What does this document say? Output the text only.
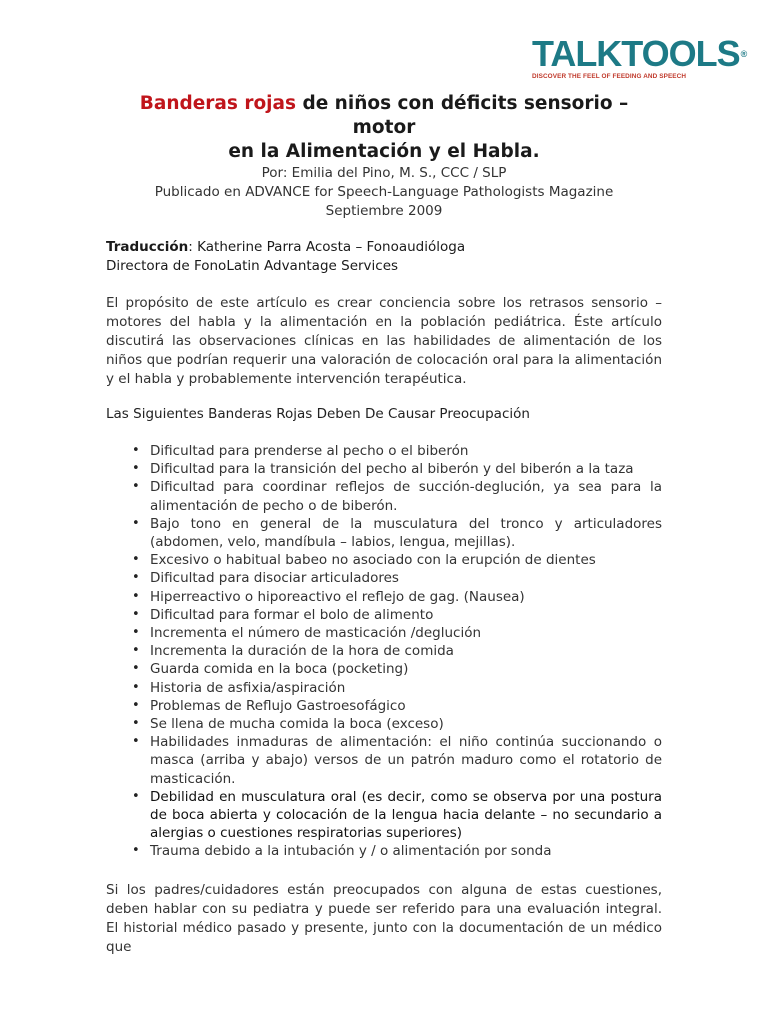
TALKTOOLS®
DISCOVER THE FEEL OF FEEDING AND SPEECH
Banderas rojas de niños con déficits sensorio – motor
en la Alimentación y el Habla.
Por: Emilia del Pino, M. S., CCC / SLP
Publicado en ADVANCE for Speech-Language Pathologists Magazine
Septiembre 2009
Traducción: Katherine Parra Acosta – Fonoaudióloga
Directora de FonoLatin Advantage Services

El propósito de este artículo es crear conciencia sobre los retrasos sensorio – motores del habla y la alimentación en la población pediátrica. Éste artículo discutirá las observaciones clínicas en las habilidades de alimentación de los niños que podrían requerir una valoración de colocación oral para la alimentación y el habla y probablemente intervención terapéutica.

Las Siguientes Banderas Rojas Deben De Causar Preocupación
• Dificultad para prenderse al pecho o el biberón
• Dificultad para la transición del pecho al biberón y del biberón a la taza
• Dificultad para coordinar reflejos de succión-deglución, ya sea para la alimentación de pecho o de biberón.
• Bajo tono en general de la musculatura del tronco y articuladores (abdomen, velo, mandíbula – labios, lengua, mejillas).
• Excesivo o habitual babeo no asociado con la erupción de dientes
• Dificultad para disociar articuladores
• Hiperreactivo o hiporeactivo el reflejo de gag. (Nausea)
• Dificultad para formar el bolo de alimento
• Incrementa el número de masticación /deglución
• Incrementa la duración de la hora de comida
• Guarda comida en la boca (pocketing)
• Historia de asfixia/aspiración
• Problemas de Reflujo Gastroesofágico
• Se llena de mucha comida la boca (exceso)
• Habilidades inmaduras de alimentación: el niño continúa succionando o masca (arriba y abajo) versos de un patrón maduro como el rotatorio de masticación.
• Debilidad en musculatura oral (es decir, como se observa por una postura de boca abierta y colocación de la lengua hacia delante – no secundario a alergias o cuestiones respiratorias superiores)
• Trauma debido a la intubación y / o alimentación por sonda

Si los padres/cuidadores están preocupados con alguna de estas cuestiones, deben hablar con su pediatra y puede ser referido para una evaluación integral. El historial médico pasado y presente, junto con la documentación de un médico que
